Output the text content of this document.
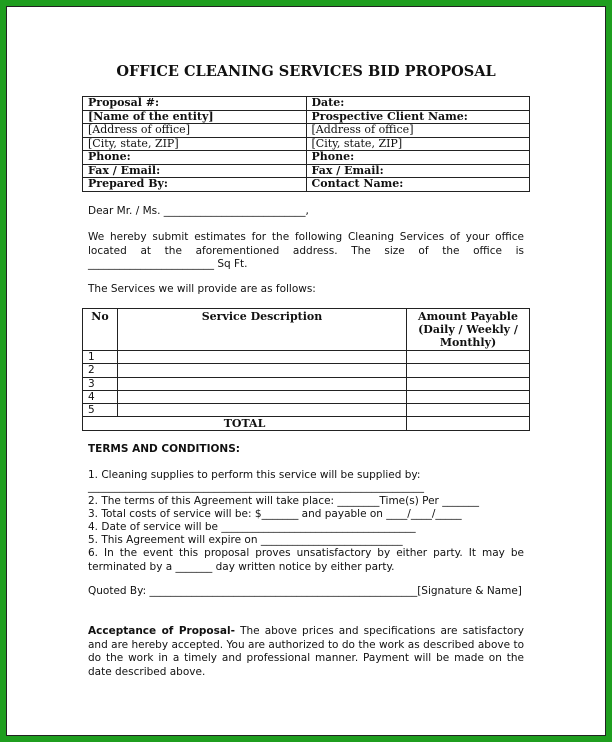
OFFICE CLEANING SERVICES BID PROPOSAL
Proposal #:	Date:
[Name of the entity]	Prospective Client Name:
[Address of office]	[Address of office]
[City, state, ZIP]	[City, state, ZIP]
Phone:	Phone:
Fax / Email:	Fax / Email:
Prepared By:	Contact Name:

Dear Mr. / Ms. ___________________________,

We hereby submit estimates for the following Cleaning Services of your office located at the aforementioned address. The size of the office is ________________________ Sq Ft.

The Services we will provide are as follows:

No	Service Description	Amount Payable (Daily / Weekly / Monthly)
1		
2		
3		
4		
5		
TOTAL		

TERMS AND CONDITIONS:

1. Cleaning supplies to perform this service will be supplied by:

________________________________________________________________

2. The terms of this Agreement will take place: ________Time(s) Per _______

3. Total costs of service will be: $_______ and payable on ____/____/_____

4. Date of service will be _____________________________________

5. This Agreement will expire on ___________________________

6. In the event this proposal proves unsatisfactory by either party. It may be terminated by a _______ day written notice by either party.

Quoted By: ___________________________________________________[Signature & Name]

Acceptance of Proposal- The above prices and specifications are satisfactory and are hereby accepted. You are authorized to do the work as described above to do the work in a timely and professional manner. Payment will be made on the date described above.
